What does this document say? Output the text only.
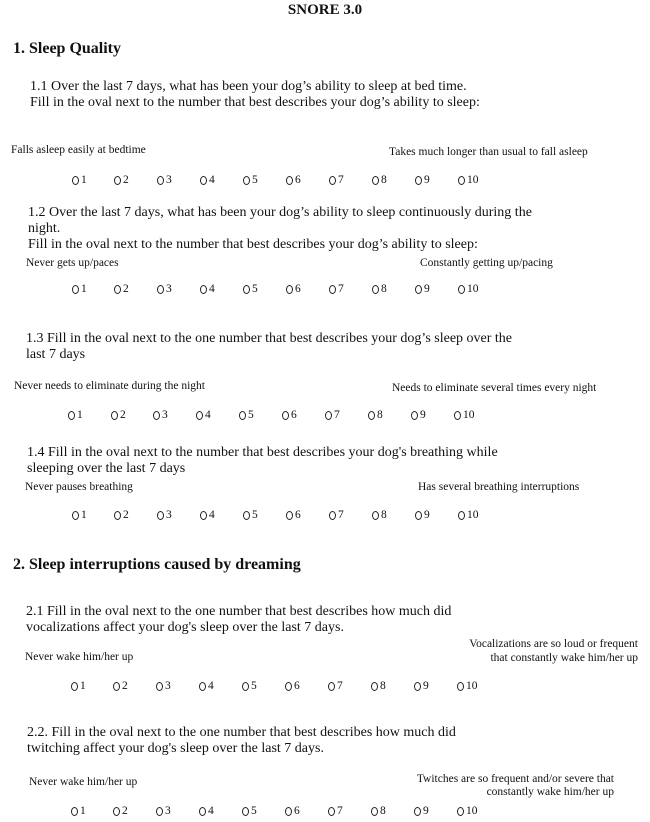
SNORE 3.0
1. Sleep Quality
1.1 Over the last 7 days, what has been your dog’s ability to sleep at bed time.
Fill in the oval next to the number that best describes your dog’s ability to sleep:
Falls asleep easily at bedtime	Takes much longer than usual to fall asleep
1	2	3	4	5	6	7	8	9	10
1.2 Over the last 7 days, what has been your dog’s ability to sleep continuously during the
night.
Fill in the oval next to the number that best describes your dog’s ability to sleep:
Never gets up/paces	Constantly getting up/pacing
1	2	3	4	5	6	7	8	9	10
1.3 Fill in the oval next to the one number that best describes your dog’s sleep over the
last 7 days
Never needs to eliminate during the night	Needs to eliminate several times every night
1	2	3	4	5	6	7	8	9	10
1.4 Fill in the oval next to the number that best describes your dog's breathing while
sleeping over the last 7 days
Never pauses breathing	Has several breathing interruptions
1	2	3	4	5	6	7	8	9	10
2. Sleep interruptions caused by dreaming
2.1 Fill in the oval next to the one number that best describes how much did
vocalizations affect your dog's sleep over the last 7 days.
Never wake him/her up
Vocalizations are so loud or frequent
that constantly wake him/her up
1	2	3	4	5	6	7	8	9	10
2.2. Fill in the oval next to the one number that best describes how much did
twitching affect your dog's sleep over the last 7 days.
Never wake him/her up	Twitches are so frequent and/or severe that
constantly wake him/her up
1	2	3	4	5	6	7	8	9	10
